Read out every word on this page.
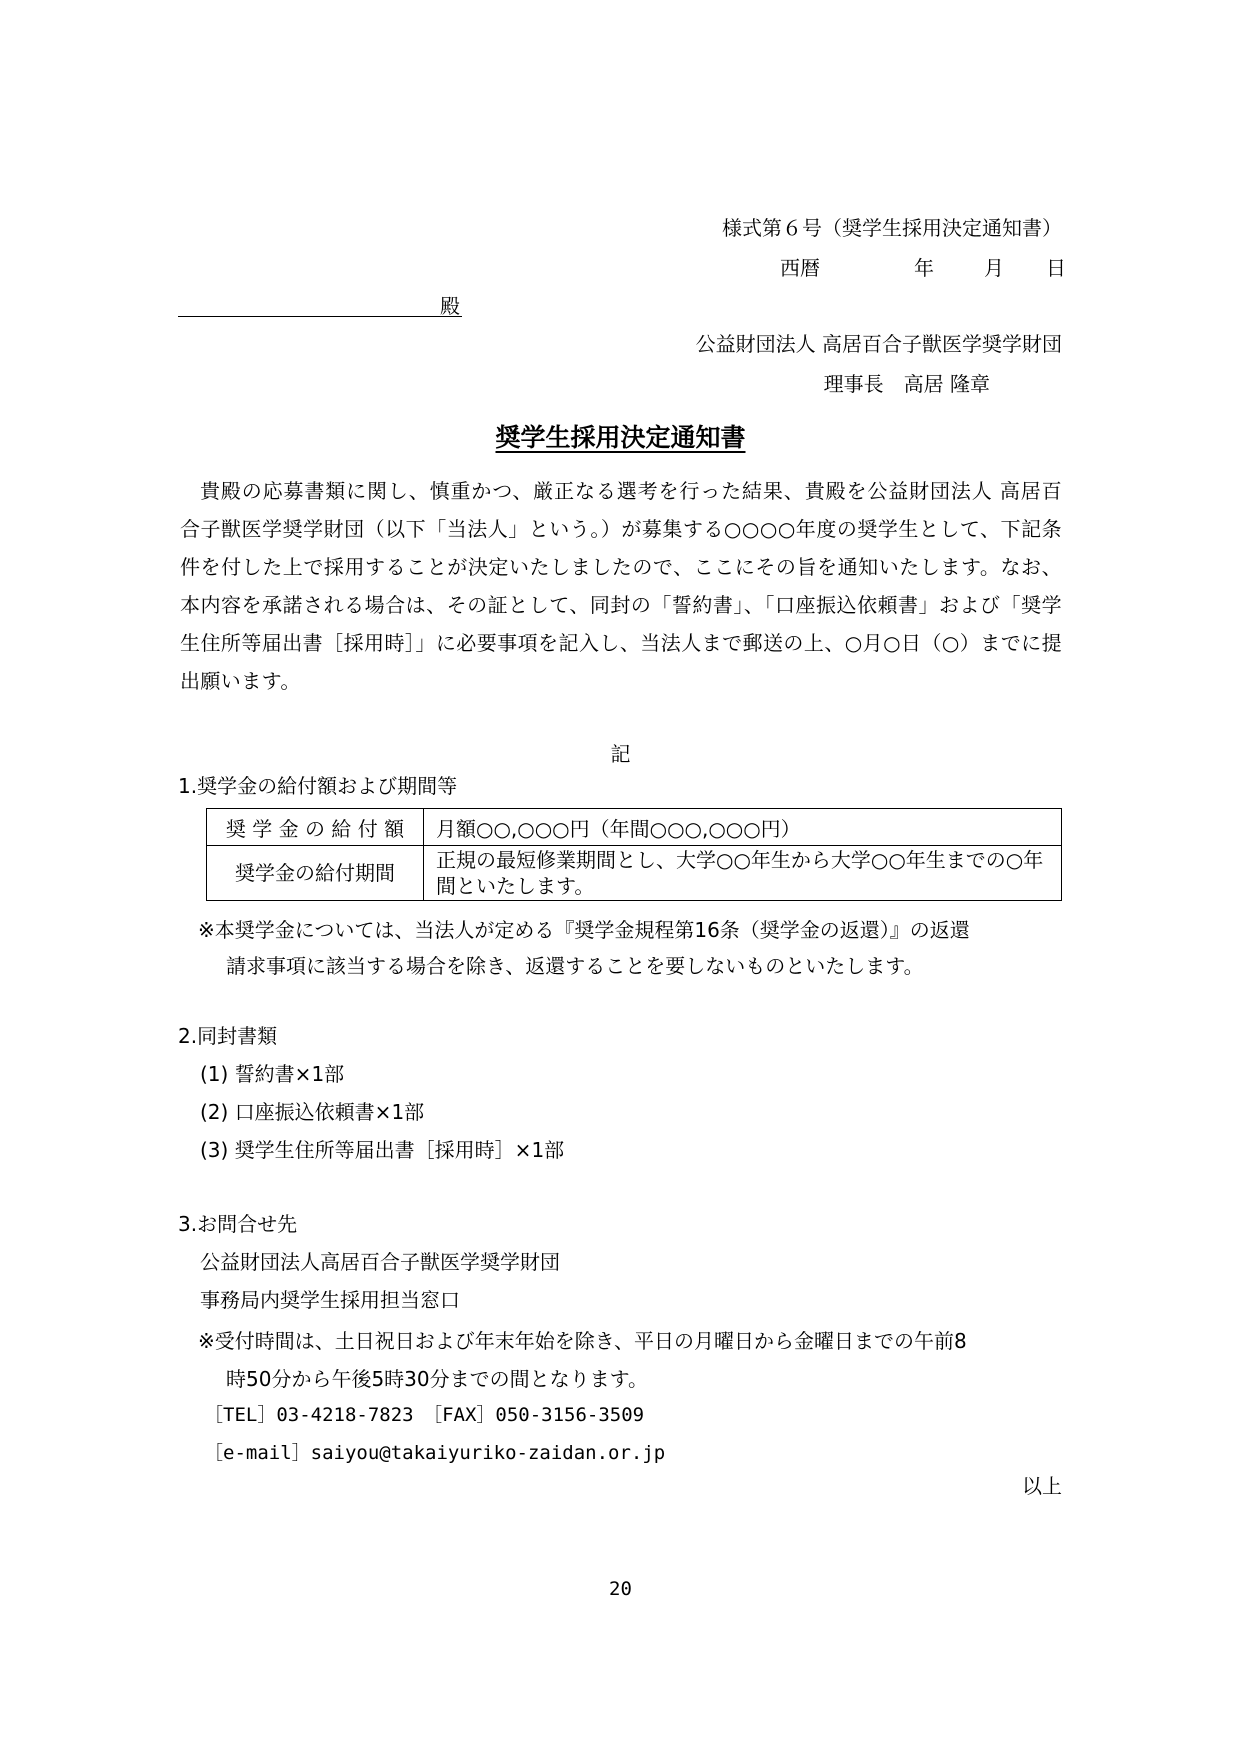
様式第６号（奨学生採用決定通知書）
西暦	年	月 日
殿
公益財団法人 高居百合子獣医学奨学財団
理事長　高居 隆章
奨学生採用決定通知書
貴殿の応募書類に関し、慎重かつ、厳正なる選考を行った結果、貴殿を公益財団法人 高居百合子獣医学奨学財団（以下「当法人」という。）が募集する○○○○年度の奨学生として、下記条件を付した上で採用することが決定いたしましたので、ここにその旨を通知いたします。なお、本内容を承諾される場合は、その証として、同封の「誓約書」、「口座振込依頼書」および「奨学生住所等届出書［採用時］」に必要事項を記入し、当法人まで郵送の上、○月○日（○）までに提出願います。
記
1.奨学金の給付額および期間等
奨 学 金 の 給 付 額	月額○○,○○○円（年間○○○,○○○円）
奨学金の給付期間	正規の最短修業期間とし、大学○○年生から大学○○年生までの○年間といたします。
※本奨学金については、当法人が定める『奨学金規程第16条（奨学金の返還）』の返還
請求事項に該当する場合を除き、返還することを要しないものといたします。
2.同封書類
(1) 誓約書×1部
(2) 口座振込依頼書×1部
(3) 奨学生住所等届出書［採用時］×1部
3.お問合せ先
公益財団法人高居百合子獣医学奨学財団
事務局内奨学生採用担当窓口
※受付時間は、土日祝日および年末年始を除き、平日の月曜日から金曜日までの午前8
時50分から午後5時30分までの間となります。
［TEL］03-4218-7823　［FAX］050-3156-3509
［e-mail］saiyou@takaiyuriko-zaidan.or.jp
以上
20
